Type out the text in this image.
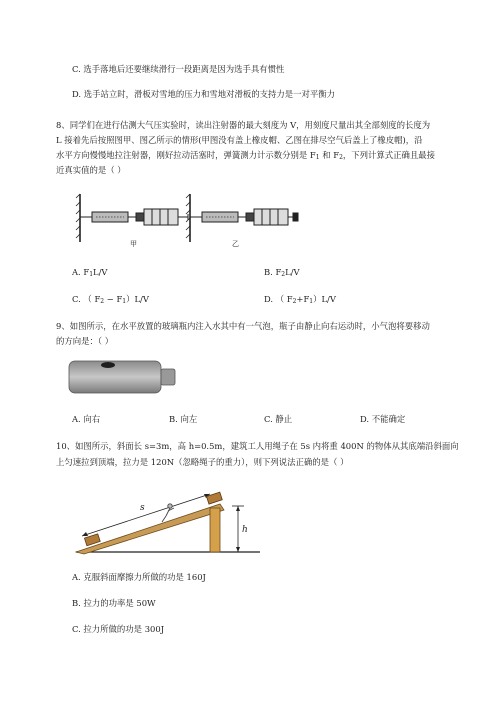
C. 选手落地后还要继续滑行一段距离是因为选手具有惯性
D. 选手站立时，滑板对雪地的压力和雪地对滑板的支持力是一对平衡力
8、同学们在进行估测大气压实验时，读出注射器的最大刻度为 V，用刻度尺量出其全部刻度的长度为
L 接着先后按照图甲、图乙所示的情形(甲图没有盖上橡皮帽、乙图在排尽空气后盖上了橡皮帽)，沿
水平方向慢慢地拉注射器，刚好拉动活塞时，弹簧测力计示数分别是 $F_1$ 和 $F_2$，下列计算式正确且最接
近真实值的是（ ）
甲	乙
A. $F_1L/V$	B. $F_2L/V$
C. （ $F_2 - F_1)L/V$	D. （ $F_2+F_1)L/V$
9、如图所示，在水平放置的玻璃瓶内注入水其中有一气泡，瓶子由静止向右运动时，小气泡将要移动
的方向是：（ ）
A. 向右	B. 向左	C. 静止	D. 不能确定
10、如图所示，斜面长 s=3m，高 h=0.5m，建筑工人用绳子在 5s 内将重 400N 的物体从其底端沿斜面向
上匀速拉到顶端，拉力是 120N（忽略绳子的重力），则下列说法正确的是（ ）
h
s
A. 克服斜面摩擦力所做的功是 160J
B. 拉力的功率是 50W
C. 拉力所做的功是 300J
